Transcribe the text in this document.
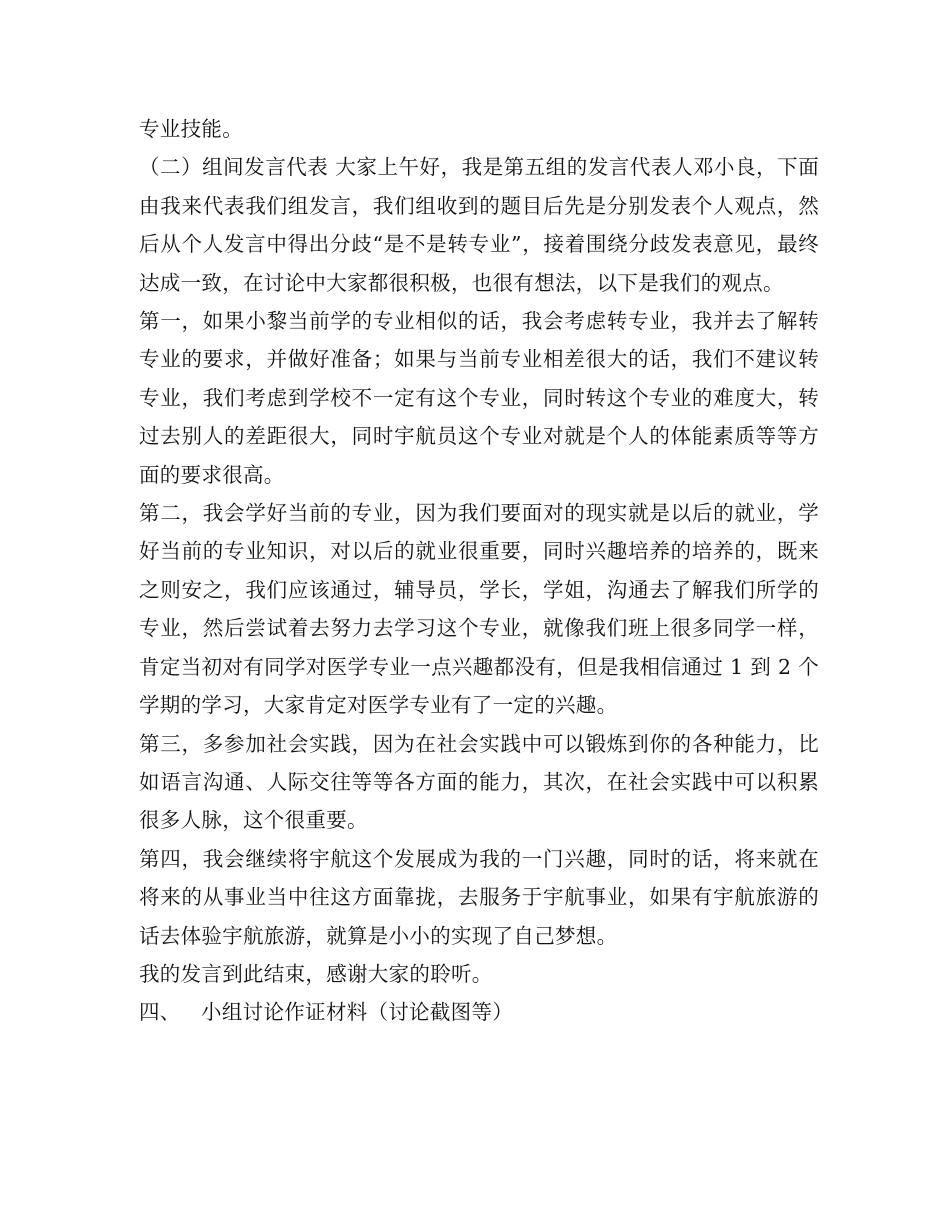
专业技能。

（二）组间发言代表 大家上午好，我是第五组的发言代表人邓小良，下面由我来代表我们组发言，我们组收到的题目后先是分别发表个人观点，然后从个人发言中得出分歧“是不是转专业”，接着围绕分歧发表意见，最终达成一致，在讨论中大家都很积极，也很有想法，以下是我们的观点。

第一，如果小黎当前学的专业相似的话，我会考虑转专业，我并去了解转专业的要求，并做好准备；如果与当前专业相差很大的话，我们不建议转专业，我们考虑到学校不一定有这个专业，同时转这个专业的难度大，转过去别人的差距很大，同时宇航员这个专业对就是个人的体能素质等等方面的要求很高。

第二，我会学好当前的专业，因为我们要面对的现实就是以后的就业，学好当前的专业知识，对以后的就业很重要，同时兴趣培养的培养的，既来之则安之，我们应该通过，辅导员，学长，学姐，沟通去了解我们所学的专业，然后尝试着去努力去学习这个专业，就像我们班上很多同学一样，肯定当初对有同学对医学专业一点兴趣都没有，但是我相信通过 1 到 2 个学期的学习，大家肯定对医学专业有了一定的兴趣。

第三，多参加社会实践，因为在社会实践中可以锻炼到你的各种能力，比如语言沟通、人际交往等等各方面的能力，其次，在社会实践中可以积累很多人脉，这个很重要。

第四，我会继续将宇航这个发展成为我的一门兴趣，同时的话，将来就在将来的从事业当中往这方面靠拢，去服务于宇航事业，如果有宇航旅游的话去体验宇航旅游，就算是小小的实现了自己梦想。

我的发言到此结束，感谢大家的聆听。

四、   小组讨论作证材料（讨论截图等）
